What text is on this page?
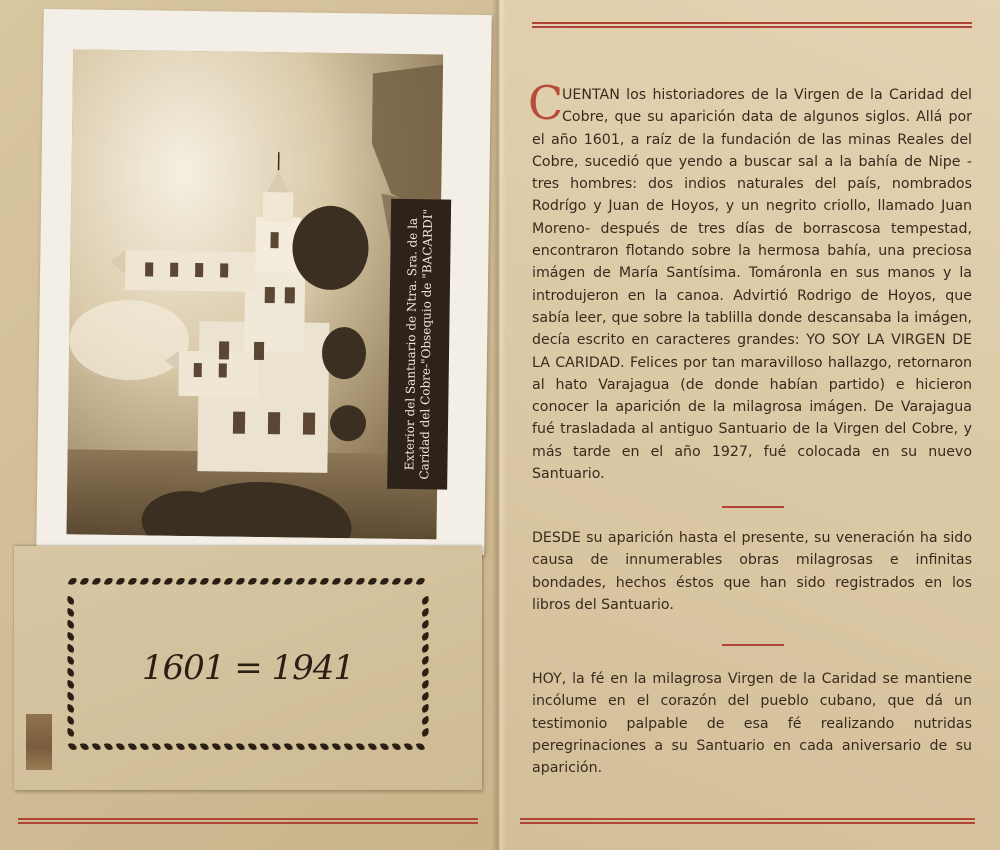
Exterior del Santuario de Ntra. Sra. de la
Caridad del Cobre-"Obsequio de "BACARDI"
1601 = 1941
C
UENTAN los historiadores de la Virgen de la Caridad del Cobre, que su aparición data de algunos siglos. Allá por el año 1601, a raíz de la fundación de las minas Reales del Cobre, sucedió que yendo a buscar sal a la bahía de Nipe -tres hombres: dos indios naturales del país, nombrados Rodrígo y Juan de Hoyos, y un negrito criollo, llamado Juan Moreno- después de tres días de borrascosa tempestad, encontraron flotando sobre la hermosa bahía, una preciosa imágen de María Santísima. Tomáronla en sus manos y la introdujeron en la canoa. Advirtió Rodrigo de Hoyos, que sabía leer, que sobre la tablilla donde descansaba la imágen, decía escrito en caracteres grandes: YO SOY LA VIRGEN DE LA CARIDAD. Felices por tan maravilloso hallazgo, retornaron al hato Varajagua (de donde habían partido) e hicieron conocer la aparición de la milagrosa imágen. De Varajagua fué trasladada al antiguo Santuario de la Virgen del Cobre, y más tarde en el año 1927, fué colocada en su nuevo Santuario.
DESDE su aparición hasta el presente, su veneración ha sido causa de innumerables obras milagrosas e infinitas bondades, hechos éstos que han sido registrados en los libros del Santuario.
HOY, la fé en la milagrosa Virgen de la Caridad se mantiene incólume en el corazón del pueblo cubano, que dá un testimonio palpable de esa fé realizando nutridas peregrinaciones a su Santuario en cada aniversario de su aparición.
